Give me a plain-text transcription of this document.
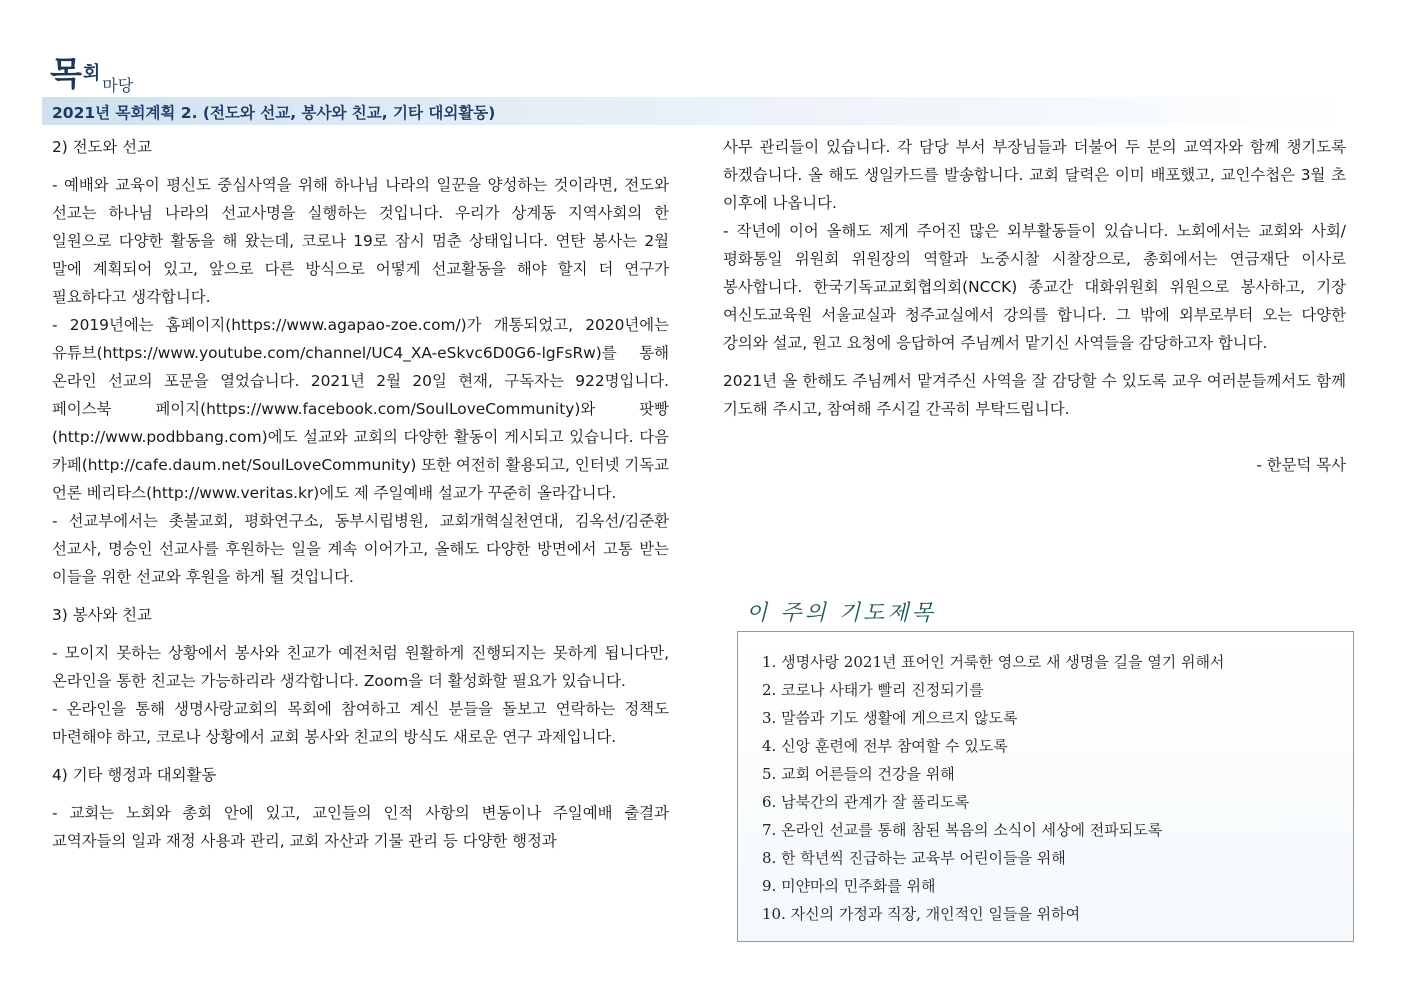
목회마당
2021년 목회계획 2. (전도와 선교, 봉사와 친교, 기타 대외활동)

2) 전도와 선교

- 예배와 교육이 평신도 중심사역을 위해 하나님 나라의 일꾼을 양성하는 것이라면, 전도와 선교는 하나님 나라의 선교사명을 실행하는 것입니다. 우리가 상계동 지역사회의 한 일원으로 다양한 활동을 해 왔는데, 코로나 19로 잠시 멈춘 상태입니다. 연탄 봉사는 2월 말에 계획되어 있고, 앞으로 다른 방식으로 어떻게 선교활동을 해야 할지 더 연구가 필요하다고 생각합니다.

- 2019년에는 홈페이지(https://www.agapao-zoe.com/)가 개통되었고, 2020년에는 유튜브(https://www.youtube.com/channel/UC4_XA-eSkvc6D0G6-lgFsRw)를 통해 온라인 선교의 포문을 열었습니다. 2021년 2월 20일 현재, 구독자는 922명입니다. 페이스북 페이지(https://www.facebook.com/SoulLoveCommunity)와 팟빵(http://www.podbbang.com)에도 설교와 교회의 다양한 활동이 게시되고 있습니다. 다음 카페(http://cafe.daum.net/SoulLoveCommunity) 또한 여전히 활용되고, 인터넷 기독교 언론 베리타스(http://www.veritas.kr)에도 제 주일예배 설교가 꾸준히 올라갑니다.

- 선교부에서는 촛불교회, 평화연구소, 동부시립병원, 교회개혁실천연대, 김옥선/김준환 선교사, 명승인 선교사를 후원하는 일을 계속 이어가고, 올해도 다양한 방면에서 고통 받는 이들을 위한 선교와 후원을 하게 될 것입니다.

3) 봉사와 친교

- 모이지 못하는 상황에서 봉사와 친교가 예전처럼 원활하게 진행되지는 못하게 됩니다만, 온라인을 통한 친교는 가능하리라 생각합니다. Zoom을 더 활성화할 필요가 있습니다.

- 온라인을 통해 생명사랑교회의 목회에 참여하고 계신 분들을 돌보고 연락하는 정책도 마련해야 하고, 코로나 상황에서 교회 봉사와 친교의 방식도 새로운 연구 과제입니다.

4) 기타 행정과 대외활동

- 교회는 노회와 총회 안에 있고, 교인들의 인적 사항의 변동이나 주일예배 출결과 교역자들의 일과 재정 사용과 관리, 교회 자산과 기물 관리 등 다양한 행정과

사무 관리들이 있습니다. 각 담당 부서 부장님들과 더불어 두 분의 교역자와 함께 챙기도록 하겠습니다. 올 해도 생일카드를 발송합니다. 교회 달력은 이미 배포했고, 교인수첩은 3월 초 이후에 나옵니다.

- 작년에 이어 올해도 제게 주어진 많은 외부활동들이 있습니다. 노회에서는 교회와 사회/평화통일 위원회 위원장의 역할과 노중시찰 시찰장으로, 총회에서는 연금재단 이사로 봉사합니다. 한국기독교교회협의회(NCCK) 종교간 대화위원회 위원으로 봉사하고, 기장 여신도교육원 서울교실과 청주교실에서 강의를 합니다. 그 밖에 외부로부터 오는 다양한 강의와 설교, 원고 요청에 응답하여 주님께서 맡기신 사역들을 감당하고자 합니다.

2021년 올 한해도 주님께서 맡겨주신 사역을 잘 감당할 수 있도록 교우 여러분들께서도 함께 기도해 주시고, 참여해 주시길 간곡히 부탁드립니다.

- 한문덕 목사

이 주의 기도제목
1. 생명사랑 2021년 표어인 거룩한 영으로 새 생명을 길을 열기 위해서
2. 코로나 사태가 빨리 진정되기를
3. 말씀과 기도 생활에 게으르지 않도록
4. 신앙 훈련에 전부 참여할 수 있도록
5. 교회 어른들의 건강을 위해
6. 남북간의 관계가 잘 풀리도록
7. 온라인 선교를 통해 참된 복음의 소식이 세상에 전파되도록
8. 한 학년씩 진급하는 교육부 어린이들을 위해
9. 미얀마의 민주화를 위해
10. 자신의 가정과 직장, 개인적인 일들을 위하여
